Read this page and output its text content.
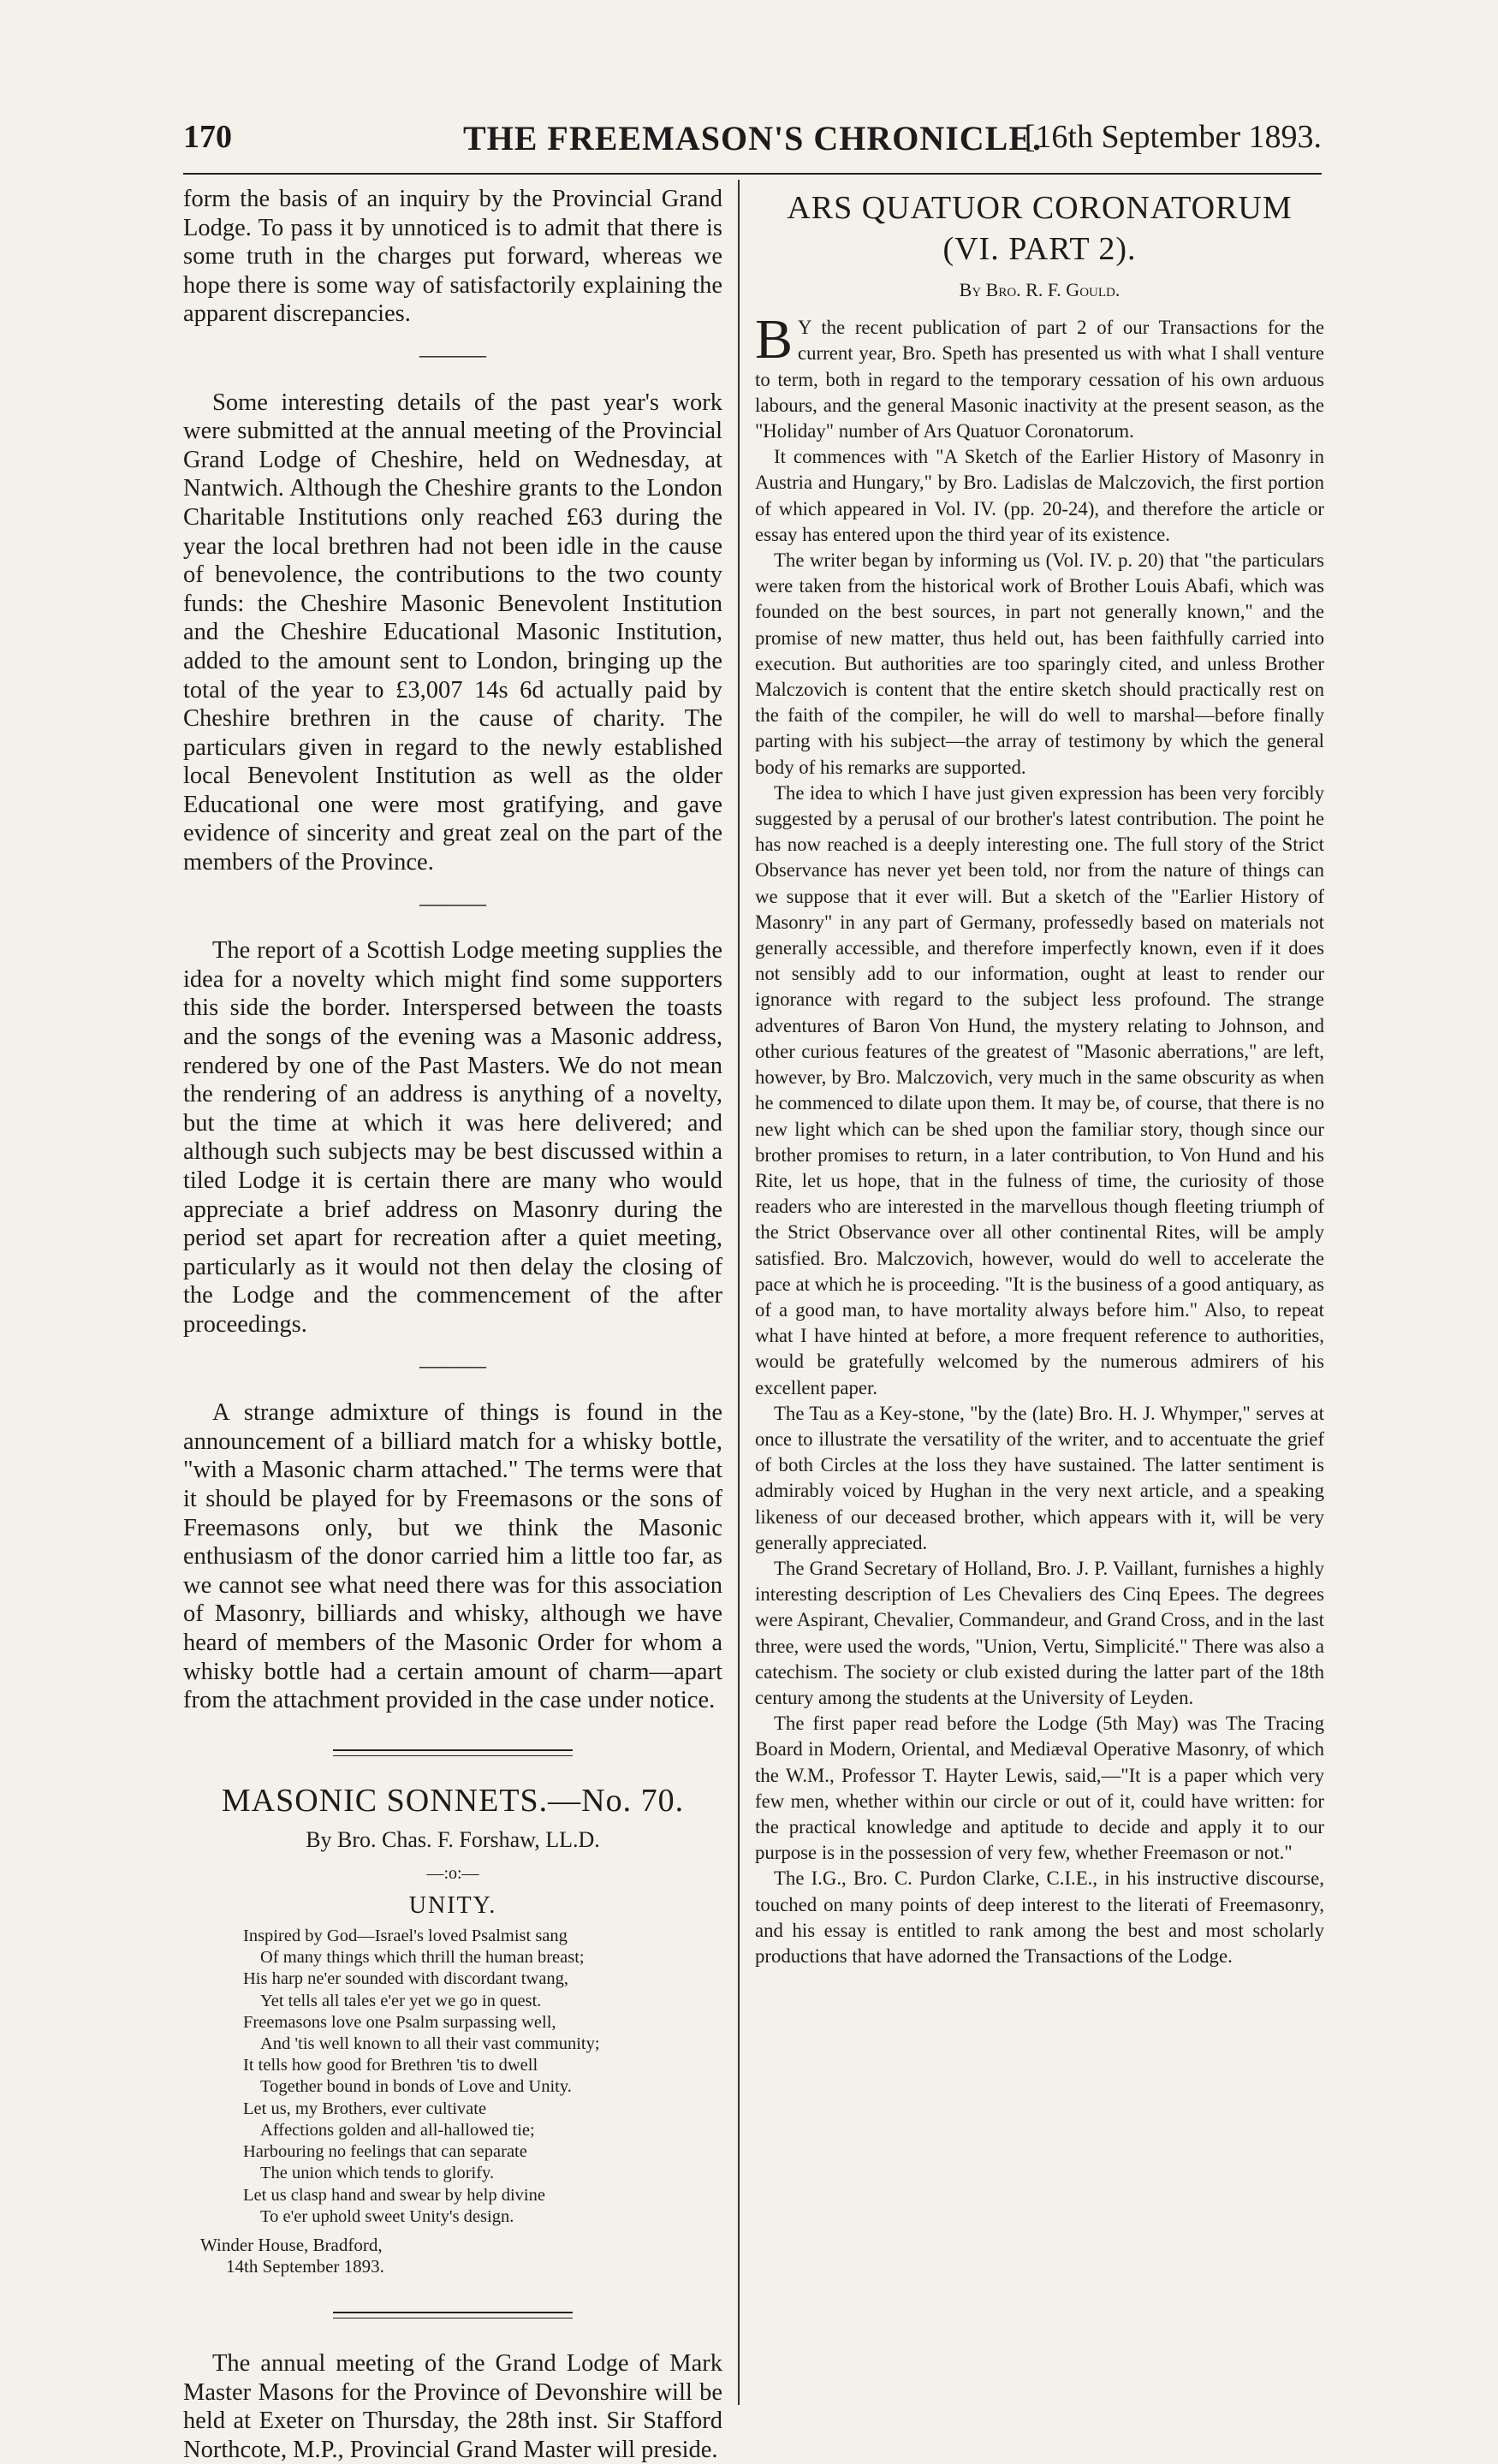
170	THE FREEMASON'S CHRONICLE.
[16th September 1893.

form the basis of an inquiry by the Provincial Grand Lodge. To pass it by unnoticed is to admit that there is some truth in the charges put forward, whereas we hope there is some way of satisfactorily explaining the apparent discrepancies.

———

Some interesting details of the past year's work were submitted at the annual meeting of the Provincial Grand Lodge of Cheshire, held on Wednesday, at Nantwich. Although the Cheshire grants to the London Charitable Institutions only reached £63 during the year the local brethren had not been idle in the cause of benevolence, the contributions to the two county funds: the Cheshire Masonic Benevolent Institution and the Cheshire Educational Masonic Institution, added to the amount sent to London, bringing up the total of the year to £3,007 14s 6d actually paid by Cheshire brethren in the cause of charity. The particulars given in regard to the newly established local Benevolent Institution as well as the older Educational one were most gratifying, and gave evidence of sincerity and great zeal on the part of the members of the Province.

———

The report of a Scottish Lodge meeting supplies the idea for a novelty which might find some supporters this side the border. Interspersed between the toasts and the songs of the evening was a Masonic address, rendered by one of the Past Masters. We do not mean the rendering of an address is anything of a novelty, but the time at which it was here delivered; and although such subjects may be best discussed within a tiled Lodge it is certain there are many who would appreciate a brief address on Masonry during the period set apart for recreation after a quiet meeting, particularly as it would not then delay the closing of the Lodge and the commencement of the after proceedings.

———

A strange admixture of things is found in the announcement of a billiard match for a whisky bottle, "with a Masonic charm attached." The terms were that it should be played for by Freemasons or the sons of Freemasons only, but we think the Masonic enthusiasm of the donor carried him a little too far, as we cannot see what need there was for this association of Masonry, billiards and whisky, although we have heard of members of the Masonic Order for whom a whisky bottle had a certain amount of charm—apart from the attachment provided in the case under notice.

MASONIC SONNETS.—No. 70.
By Bro. Chas. F. Forshaw, LL.D.
—:o:—
UNITY.
Inspired by God—Israel's loved Psalmist sang
Of many things which thrill the human breast;
His harp ne'er sounded with discordant twang,
Yet tells all tales e'er yet we go in quest.
Freemasons love one Psalm surpassing well,
And 'tis well known to all their vast community;
It tells how good for Brethren 'tis to dwell
Together bound in bonds of Love and Unity.
Let us, my Brothers, ever cultivate
Affections golden and all-hallowed tie;
Harbouring no feelings that can separate
The union which tends to glorify.
Let us clasp hand and swear by help divine
To e'er uphold sweet Unity's design.
Winder House, Bradford,
14th September 1893.

The annual meeting of the Grand Lodge of Mark Master Masons for the Province of Devonshire will be held at Exeter on Thursday, the 28th inst. Sir Stafford Northcote, M.P., Provincial Grand Master will preside.

ARS QUATUOR CORONATORUM
(VI. PART 2).
By Bro. R. F. Gould.

B Y the recent publication of part 2 of our Transactions for the current year, Bro. Speth has presented us with what I shall venture to term, both in regard to the temporary cessation of his own arduous labours, and the general Masonic inactivity at the present season, as the "Holiday" number of Ars Quatuor Coronatorum.

It commences with "A Sketch of the Earlier History of Masonry in Austria and Hungary," by Bro. Ladislas de Malczovich, the first portion of which appeared in Vol. IV. (pp. 20-24), and therefore the article or essay has entered upon the third year of its existence.

The writer began by informing us (Vol. IV. p. 20) that "the particulars were taken from the historical work of Brother Louis Abafi, which was founded on the best sources, in part not generally known," and the promise of new matter, thus held out, has been faithfully carried into execution. But authorities are too sparingly cited, and unless Brother Malczovich is content that the entire sketch should practically rest on the faith of the compiler, he will do well to marshal—before finally parting with his subject—the array of testimony by which the general body of his remarks are supported.

The idea to which I have just given expression has been very forcibly suggested by a perusal of our brother's latest contribution. The point he has now reached is a deeply interesting one. The full story of the Strict Observance has never yet been told, nor from the nature of things can we suppose that it ever will. But a sketch of the "Earlier History of Masonry" in any part of Germany, professedly based on materials not generally accessible, and therefore imperfectly known, even if it does not sensibly add to our information, ought at least to render our ignorance with regard to the subject less profound. The strange adventures of Baron Von Hund, the mystery relating to Johnson, and other curious features of the greatest of "Masonic aberrations," are left, however, by Bro. Malczovich, very much in the same obscurity as when he commenced to dilate upon them. It may be, of course, that there is no new light which can be shed upon the familiar story, though since our brother promises to return, in a later contribution, to Von Hund and his Rite, let us hope, that in the fulness of time, the curiosity of those readers who are interested in the marvellous though fleeting triumph of the Strict Observance over all other continental Rites, will be amply satisfied. Bro. Malczovich, however, would do well to accelerate the pace at which he is proceeding. "It is the business of a good antiquary, as of a good man, to have mortality always before him." Also, to repeat what I have hinted at before, a more frequent reference to authorities, would be gratefully welcomed by the numerous admirers of his excellent paper.

The Tau as a Key-stone, "by the (late) Bro. H. J. Whymper," serves at once to illustrate the versatility of the writer, and to accentuate the grief of both Circles at the loss they have sustained. The latter sentiment is admirably voiced by Hughan in the very next article, and a speaking likeness of our deceased brother, which appears with it, will be very generally appreciated.

The Grand Secretary of Holland, Bro. J. P. Vaillant, furnishes a highly interesting description of Les Chevaliers des Cinq Epees. The degrees were Aspirant, Chevalier, Commandeur, and Grand Cross, and in the last three, were used the words, "Union, Vertu, Simplicité." There was also a catechism. The society or club existed during the latter part of the 18th century among the students at the University of Leyden.

The first paper read before the Lodge (5th May) was The Tracing Board in Modern, Oriental, and Mediæval Operative Masonry, of which the W.M., Professor T. Hayter Lewis, said,—"It is a paper which very few men, whether within our circle or out of it, could have written: for the practical knowledge and aptitude to decide and apply it to our purpose is in the possession of very few, whether Freemason or not."

The I.G., Bro. C. Purdon Clarke, C.I.E., in his instructive discourse, touched on many points of deep interest to the literati of Freemasonry, and his essay is entitled to rank among the best and most scholarly productions that have adorned the Transactions of the Lodge.
